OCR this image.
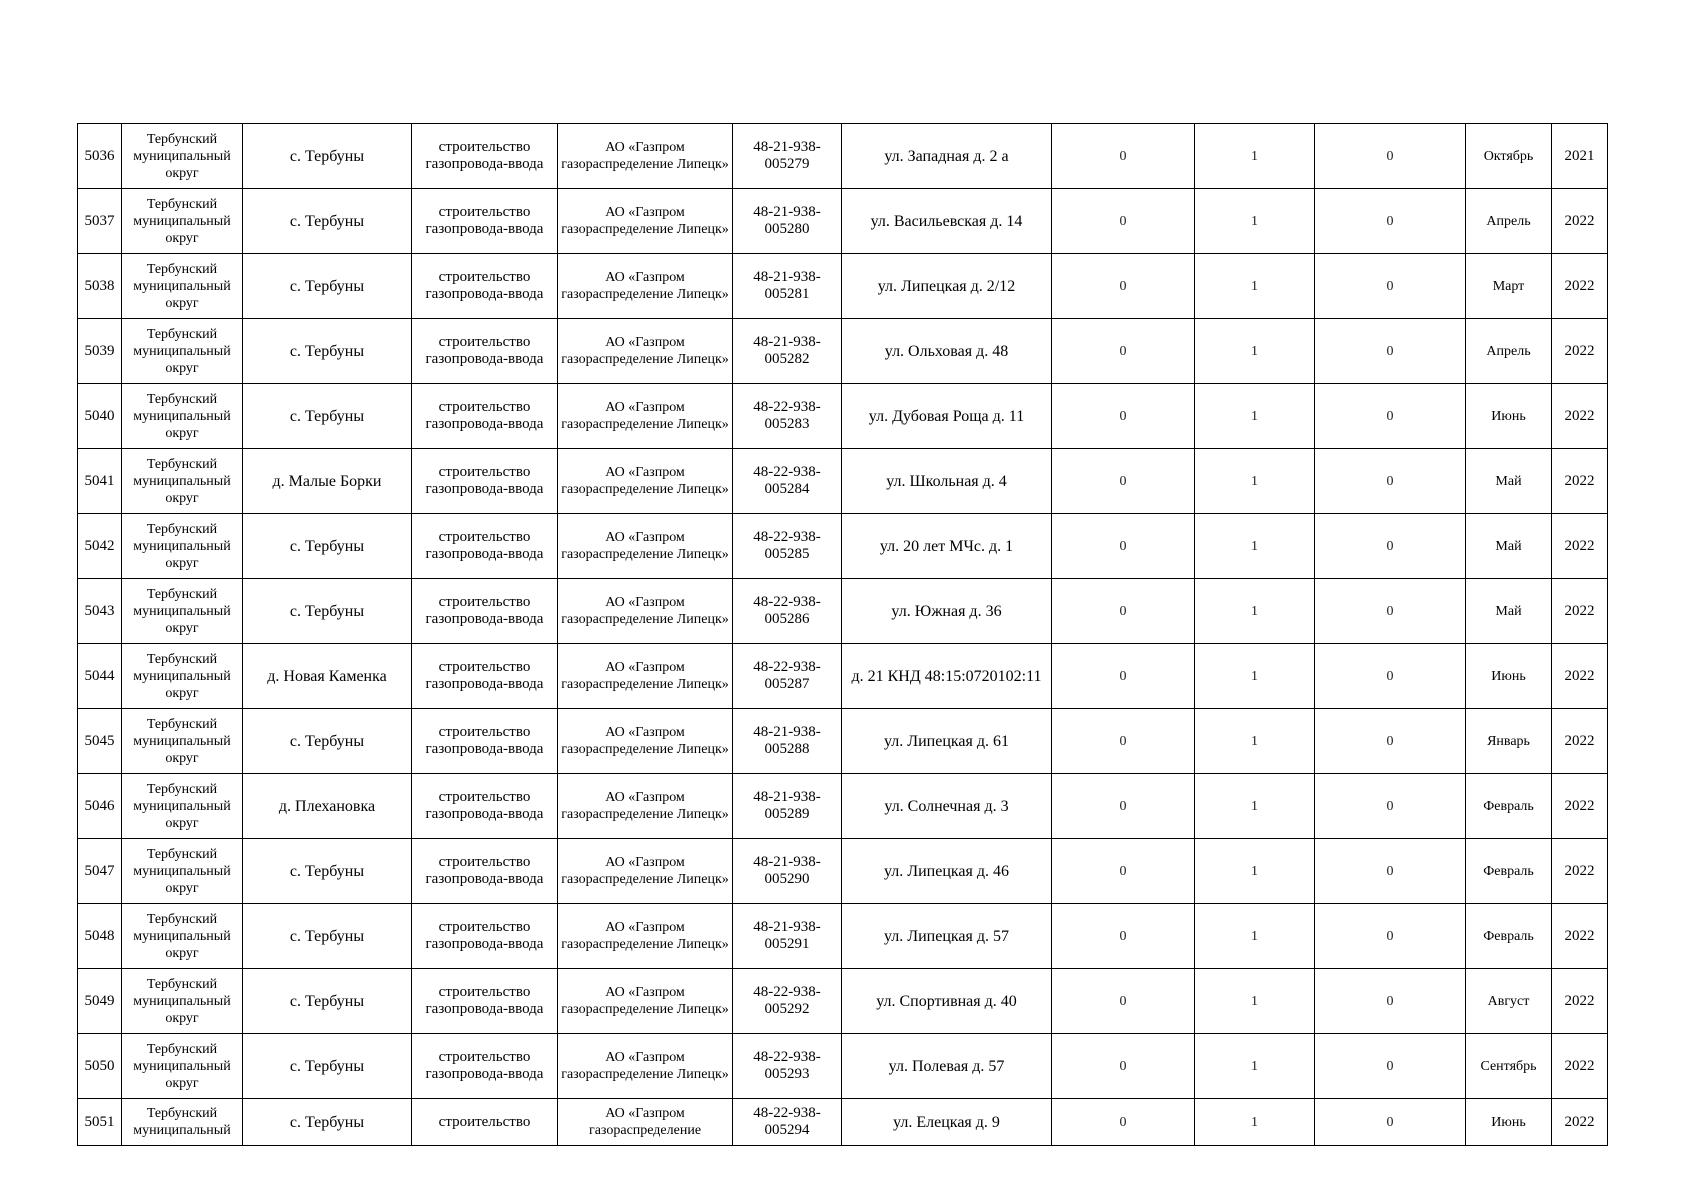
5036	Тербунский муниципальный округ	с. Тербуны	строительство газопровода-ввода	АО «Газпром газораспределение Липецк»	48-21-938-005279	ул. Западная д. 2 а	0	1	0	Октябрь	2021
5037	Тербунский муниципальный округ	с. Тербуны	строительство газопровода-ввода	АО «Газпром газораспределение Липецк»	48-21-938-005280	ул. Васильевская д. 14	0	1	0	Апрель	2022
5038	Тербунский муниципальный округ	с. Тербуны	строительство газопровода-ввода	АО «Газпром газораспределение Липецк»	48-21-938-005281	ул. Липецкая д. 2/12	0	1	0	Март	2022
5039	Тербунский муниципальный округ	с. Тербуны	строительство газопровода-ввода	АО «Газпром газораспределение Липецк»	48-21-938-005282	ул. Ольховая д. 48	0	1	0	Апрель	2022
5040	Тербунский муниципальный округ	с. Тербуны	строительство газопровода-ввода	АО «Газпром газораспределение Липецк»	48-22-938-005283	ул. Дубовая Роща д. 11	0	1	0	Июнь	2022
5041	Тербунский муниципальный округ	д. Малые Борки	строительство газопровода-ввода	АО «Газпром газораспределение Липецк»	48-22-938-005284	ул. Школьная д. 4	0	1	0	Май	2022
5042	Тербунский муниципальный округ	с. Тербуны	строительство газопровода-ввода	АО «Газпром газораспределение Липецк»	48-22-938-005285	ул. 20 лет МЧс. д. 1	0	1	0	Май	2022
5043	Тербунский муниципальный округ	с. Тербуны	строительство газопровода-ввода	АО «Газпром газораспределение Липецк»	48-22-938-005286	ул. Южная д. 36	0	1	0	Май	2022
5044	Тербунский муниципальный округ	д. Новая Каменка	строительство газопровода-ввода	АО «Газпром газораспределение Липецк»	48-22-938-005287	д. 21 КНД 48:15:0720102:11	0	1	0	Июнь	2022
5045	Тербунский муниципальный округ	с. Тербуны	строительство газопровода-ввода	АО «Газпром газораспределение Липецк»	48-21-938-005288	ул. Липецкая д. 61	0	1	0	Январь	2022
5046	Тербунский муниципальный округ	д. Плехановка	строительство газопровода-ввода	АО «Газпром газораспределение Липецк»	48-21-938-005289	ул. Солнечная д. 3	0	1	0	Февраль	2022
5047	Тербунский муниципальный округ	с. Тербуны	строительство газопровода-ввода	АО «Газпром газораспределение Липецк»	48-21-938-005290	ул. Липецкая д. 46	0	1	0	Февраль	2022
5048	Тербунский муниципальный округ	с. Тербуны	строительство газопровода-ввода	АО «Газпром газораспределение Липецк»	48-21-938-005291	ул. Липецкая д. 57	0	1	0	Февраль	2022
5049	Тербунский муниципальный округ	с. Тербуны	строительство газопровода-ввода	АО «Газпром газораспределение Липецк»	48-22-938-005292	ул. Спортивная д. 40	0	1	0	Август	2022
5050	Тербунский муниципальный округ	с. Тербуны	строительство газопровода-ввода	АО «Газпром газораспределение Липецк»	48-22-938-005293	ул. Полевая д. 57	0	1	0	Сентябрь	2022
5051	Тербунский муниципальный	с. Тербуны	строительство	АО «Газпром газораспределение	48-22-938-005294	ул. Елецкая д. 9	0	1	0	Июнь	2022
